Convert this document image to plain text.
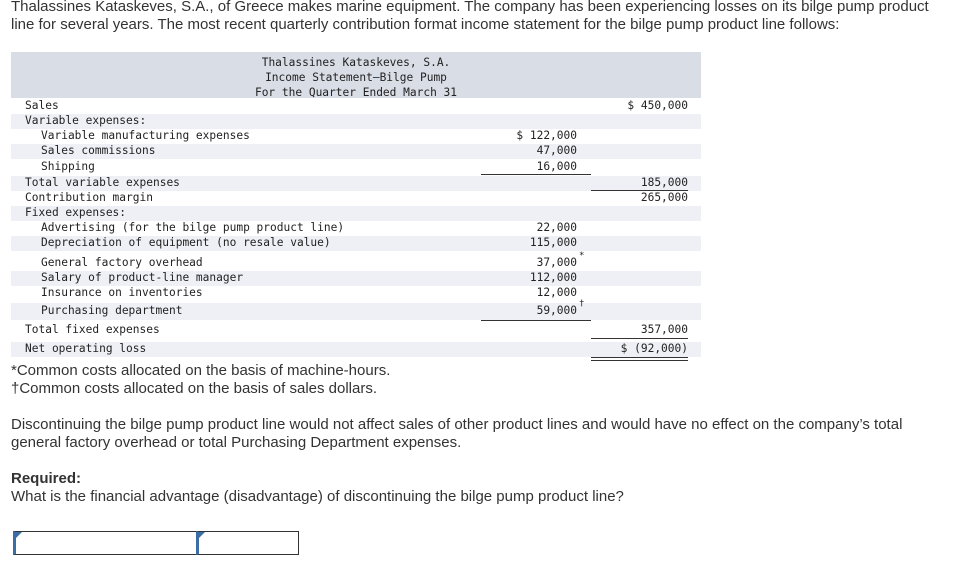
Thalassines Kataskeves, S.A., of Greece makes marine equipment. The company has been experiencing losses on its bilge pump product line for several years. The most recent quarterly contribution format income statement for the bilge pump product line follows:
Thalassines Kataskeves, S.A.
Income Statement—Bilge Pump
For the Quarter Ended March 31
Sales	$ 450,000
Variable expenses:
Variable manufacturing expenses	$ 122,000
Sales commissions	47,000
Shipping	16,000
Total variable expenses	185,000
Contribution margin	265,000
Fixed expenses:
Advertising (for the bilge pump product line)	22,000
Depreciation of equipment (no resale value)	115,000
General factory overhead	37,000 *
Salary of product-line manager	112,000
Insurance on inventories	12,000
Purchasing department	59,000 †
Total fixed expenses	357,000
Net operating loss	$ (92,000)
*Common costs allocated on the basis of machine-hours.
†Common costs allocated on the basis of sales dollars.
Discontinuing the bilge pump product line would not affect sales of other product lines and would have no effect on the company’s total general factory overhead or total Purchasing Department expenses.
Required:
What is the financial advantage (disadvantage) of discontinuing the bilge pump product line?
